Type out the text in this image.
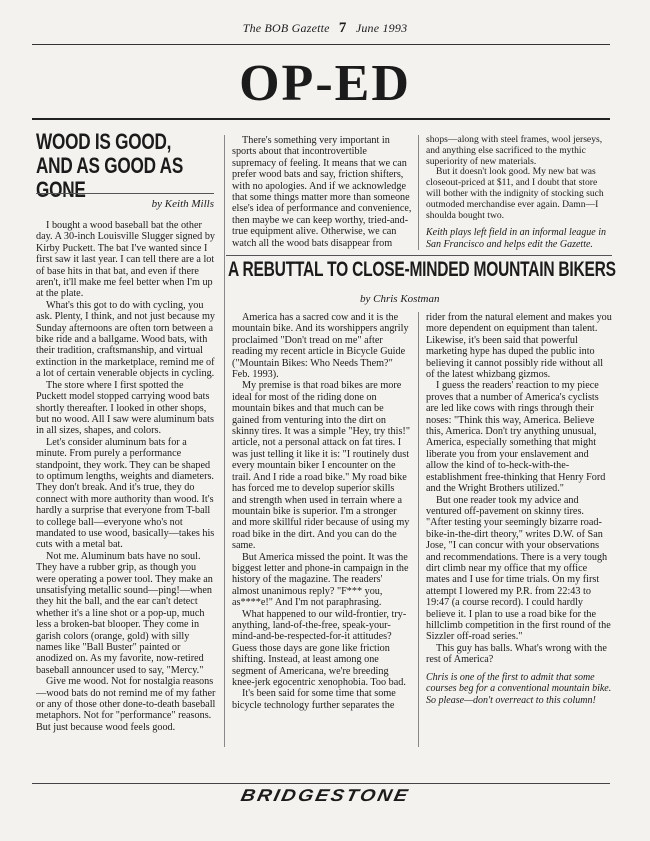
The BOB Gazette 7 June 1993
OP-ED
WOOD IS GOOD, AND AS GOOD AS GONE
by Keith Mills

I bought a wood baseball bat the other day. A 30-inch Louisville Slugger signed by Kirby Puckett. The bat I've wanted since I first saw it last year. I can tell there are a lot of base hits in that bat, and even if there aren't, it'll make me feel better when I'm up at the plate.

What's this got to do with cycling, you ask. Plenty, I think, and not just because my Sunday afternoons are often torn between a bike ride and a ballgame. Wood bats, with their tradition, craftsmanship, and virtual extinction in the marketplace, remind me of a lot of certain venerable objects in cycling.

The store where I first spotted the Puckett model stopped carrying wood bats shortly thereafter. I looked in other shops, but no wood. All I saw were aluminum bats in all sizes, shapes, and colors.

Let's consider aluminum bats for a minute. From purely a performance standpoint, they work. They can be shaped to optimum lengths, weights and diameters. They don't break. And it's true, they do connect with more authority than wood. It's hardly a surprise that everyone from T-ball to college ball—everyone who's not mandated to use wood, basically—takes his cuts with a metal bat.

Not me. Aluminum bats have no soul. They have a rubber grip, as though you were operating a power tool. They make an unsatisfying metallic sound—ping!—when they hit the ball, and the ear can't detect whether it's a line shot or a pop-up, much less a broken-bat blooper. They come in garish colors (orange, gold) with silly names like "Ball Buster" painted or anodized on. As my favorite, now-retired baseball announcer used to say, "Mercy."

Give me wood. Not for nostalgia reasons—wood bats do not remind me of my father or any of those other done-to-death baseball metaphors. Not for "performance" reasons. But just because wood feels good.

There's something very important in sports about that incontrovertible supremacy of feeling. It means that we can prefer wood bats and say, friction shifters, with no apologies. And if we acknowledge that some things matter more than someone else's idea of performance and convenience, then maybe we can keep worthy, tried-and-true equipment alive. Otherwise, we can watch all the wood bats disappear from

shops—along with steel frames, wool jerseys, and anything else sacrificed to the mythic superiority of new materials.

But it doesn't look good. My new bat was closeout-priced at $11, and I doubt that store will bother with the indignity of stocking such outmoded merchandise ever again. Damn—I shoulda bought two.

Keith plays left field in an informal league in San Francisco and helps edit the Gazette.

A REBUTTAL TO CLOSE-MINDED MOUNTAIN BIKERS
by Chris Kostman

America has a sacred cow and it is the mountain bike. And its worshippers angrily proclaimed "Don't tread on me" after reading my recent article in Bicycle Guide ("Mountain Bikes: Who Needs Them?" Feb. 1993).

My premise is that road bikes are more ideal for most of the riding done on mountain bikes and that much can be gained from venturing into the dirt on skinny tires. It was a simple "Hey, try this!" article, not a personal attack on fat tires. I was just telling it like it is: "I routinely dust every mountain biker I encounter on the trail. And I ride a road bike." My road bike has forced me to develop superior skills and strength when used in terrain where a mountain bike is superior. I'm a stronger and more skillful rider because of using my road bike in the dirt. And you can do the same.

But America missed the point. It was the biggest letter and phone-in campaign in the history of the magazine. The readers' almost unanimous reply? "F*** you, as****e!" And I'm not paraphrasing.

What happened to our wild-frontier, try-anything, land-of-the-free, speak-your-mind-and-be-respected-for-it attitudes? Guess those days are gone like friction shifting. Instead, at least among one segment of Americana, we're breeding knee-jerk egocentric xenophobia. Too bad.

It's been said for some time that some bicycle technology further separates the

rider from the natural element and makes you more dependent on equipment than talent. Likewise, it's been said that powerful marketing hype has duped the public into believing it cannot possibly ride without all of the latest whizbang gizmos.

I guess the readers' reaction to my piece proves that a number of America's cyclists are led like cows with rings through their noses: "Think this way, America. Believe this, America. Don't try anything unusual, America, especially something that might liberate you from your enslavement and allow the kind of to-heck-with-the-establishment free-thinking that Henry Ford and the Wright Brothers utilized."

But one reader took my advice and ventured off-pavement on skinny tires. "After testing your seemingly bizarre road-bike-in-the-dirt theory," writes D.W. of San Jose, "I can concur with your observations and recommendations. There is a very tough dirt climb near my office that my office mates and I use for time trials. On my first attempt I lowered my P.R. from 22:43 to 19:47 (a course record). I could hardly believe it. I plan to use a road bike for the hillclimb competition in the first round of the Sizzler off-road series."

This guy has balls. What's wrong with the rest of America?

Chris is one of the first to admit that some courses beg for a conventional mountain bike. So please—don't overreact to this column!

BRIDGESTONE
